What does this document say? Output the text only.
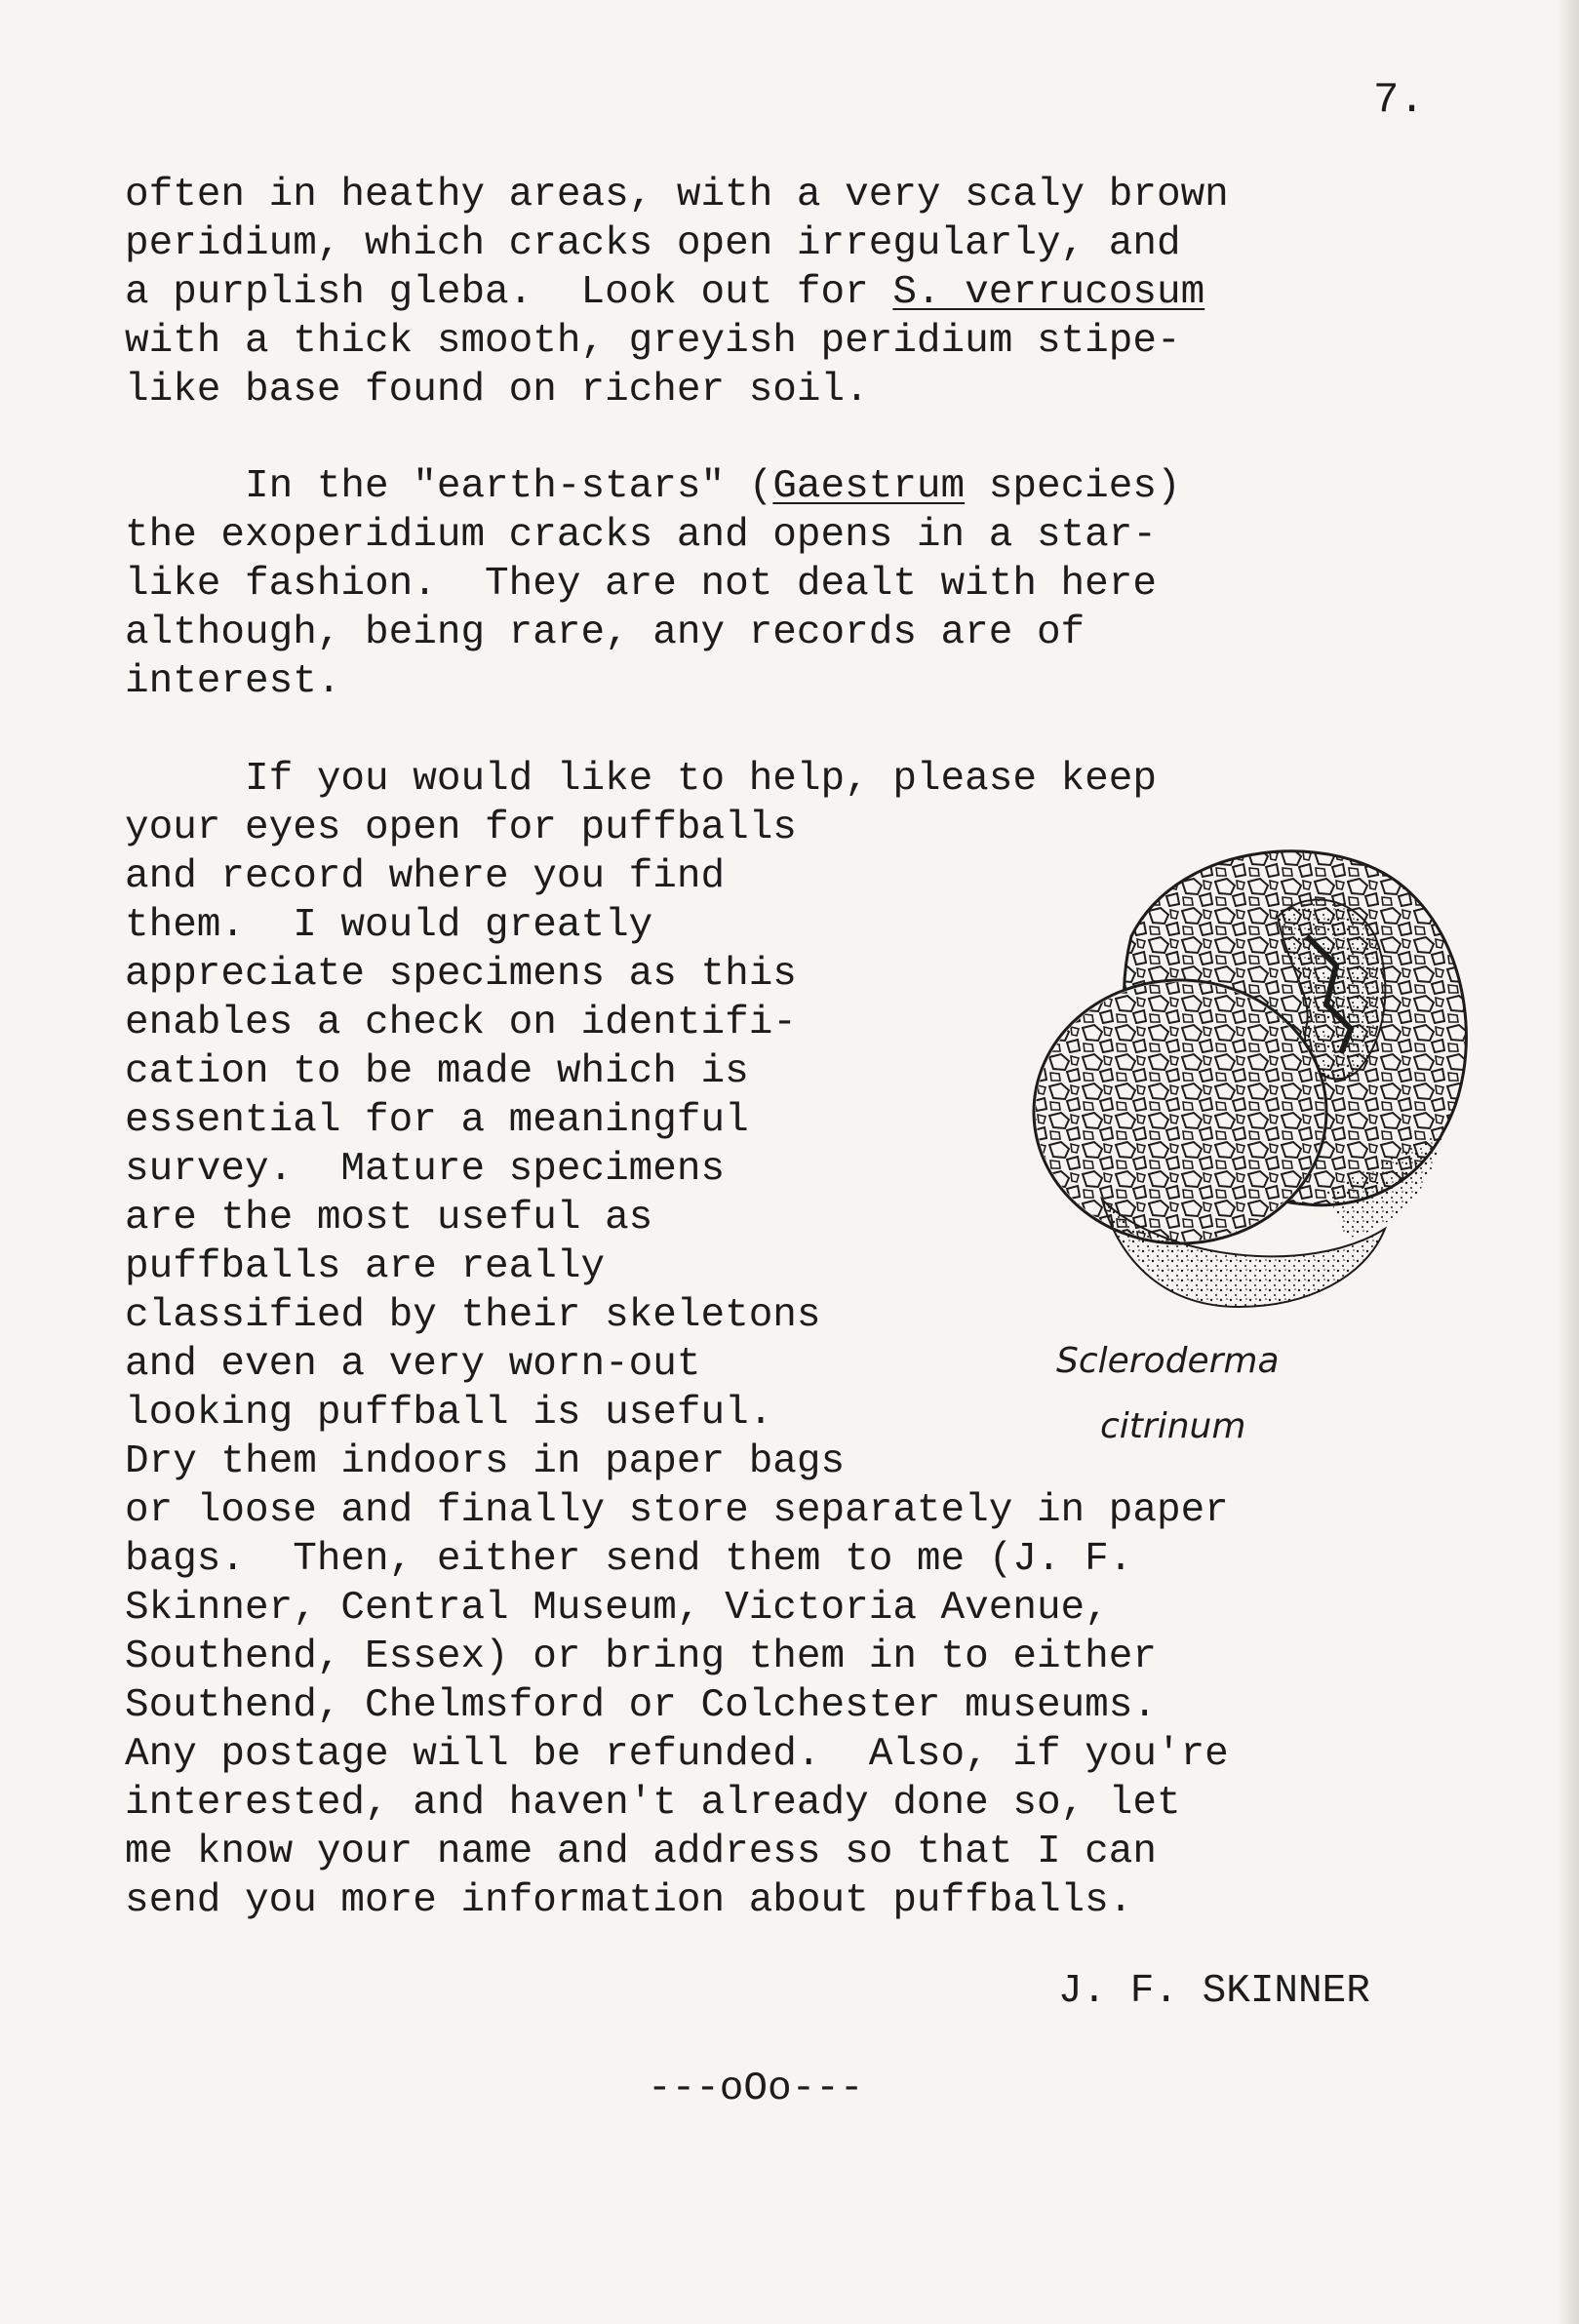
7.
often in heathy areas, with a very scaly brown
peridium, which cracks open irregularly, and
a purplish gleba.  Look out for S. verrucosum
with a thick smooth, greyish peridium stipe-
like base found on richer soil.
In the "earth-stars" (Gaestrum species)
the exoperidium cracks and opens in a star-
like fashion.  They are not dealt with here
although, being rare, any records are of
interest.
If you would like to help, please keep
your eyes open for puffballs
and record where you find
them.  I would greatly
appreciate specimens as this
enables a check on identifi-
cation to be made which is
essential for a meaningful
survey.  Mature specimens
are the most useful as
puffballs are really
classified by their skeletons
and even a very worn-out
looking puffball is useful.
Dry them indoors in paper bags
or loose and finally store separately in paper
bags.  Then, either send them to me (J. F.
Skinner, Central Museum, Victoria Avenue,
Southend, Essex) or bring them in to either
Southend, Chelmsford or Colchester museums.
Any postage will be refunded.  Also, if you're
interested, and haven't already done so, let
me know your name and address so that I can
send you more information about puffballs.
Scleroderma
citrinum
J. F. SKINNER
---oOo---
